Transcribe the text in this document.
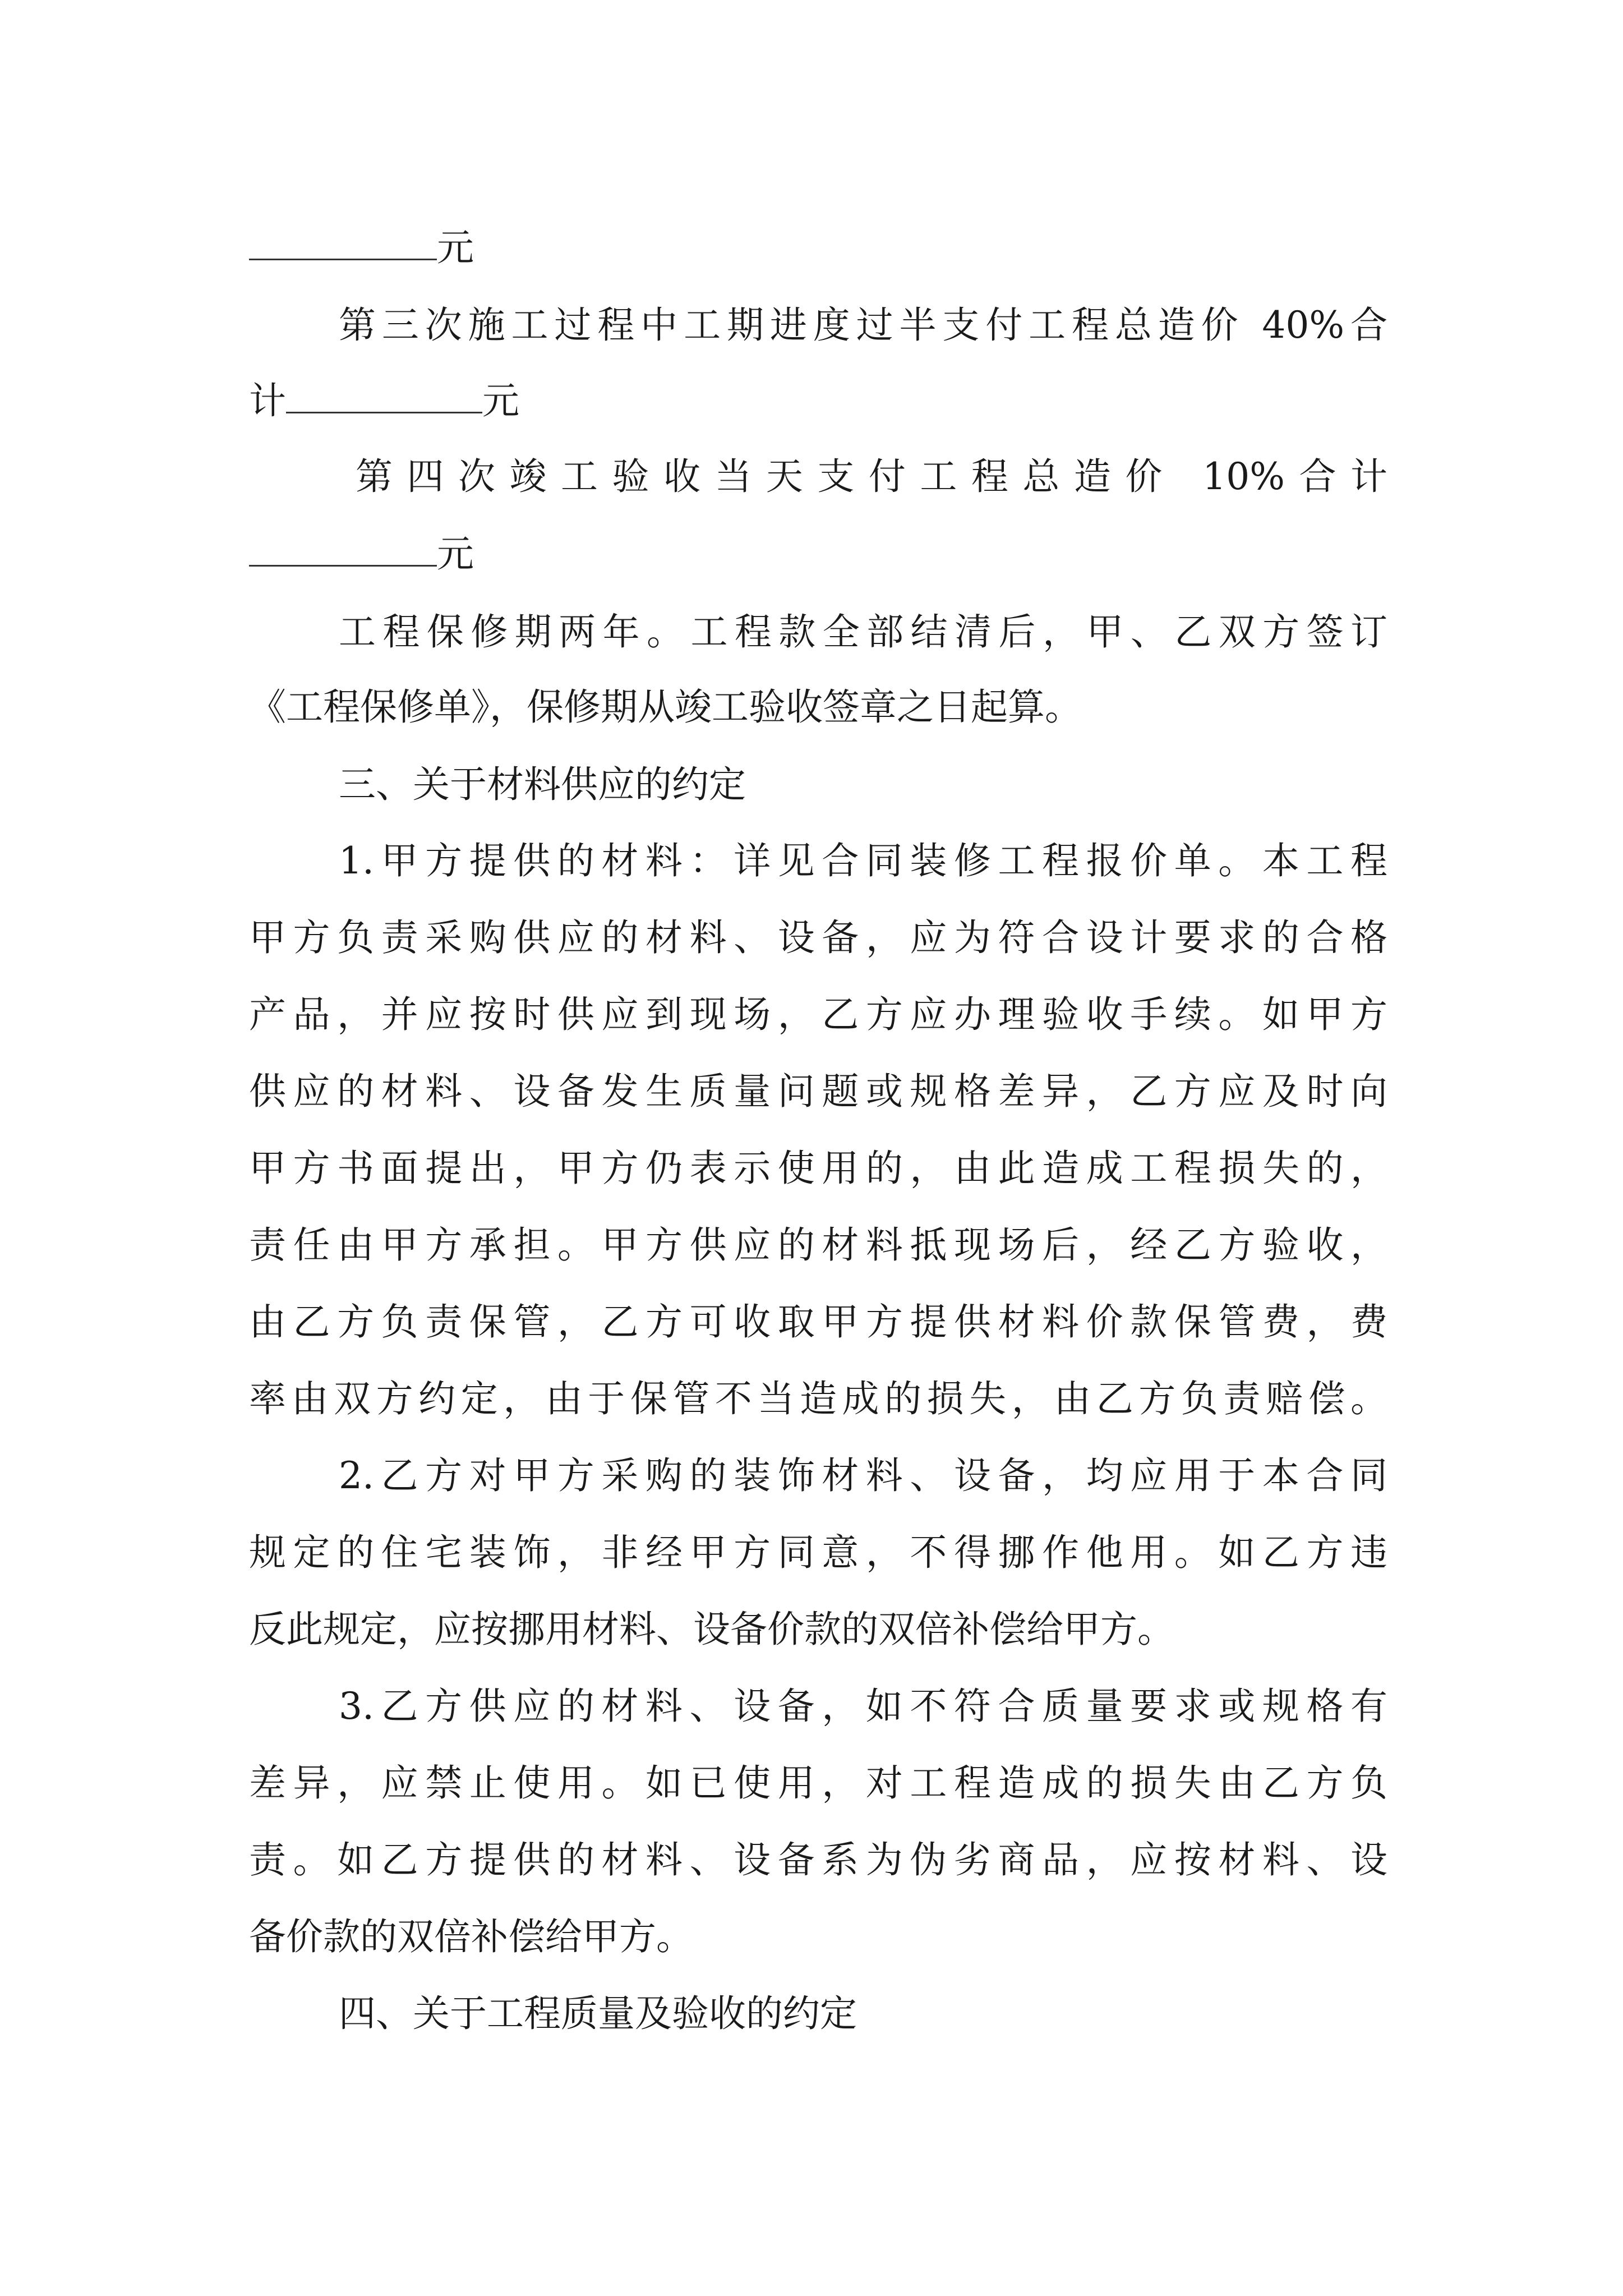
元
第三次施工过程中工期进度过半支付工程总造价 40%合
计	元
第四次竣工验收当天支付工程总造价 10%合计
元
工程保修期两年。工程款全部结清后，甲、乙双方签订
《工程保修单》，保修期从竣工验收签章之日起算。
三、关于材料供应的约定
1.甲方提供的材料：详见合同装修工程报价单。本工程
甲方负责采购供应的材料、设备，应为符合设计要求的合格
产品，并应按时供应到现场，乙方应办理验收手续。如甲方
供应的材料、设备发生质量问题或规格差异，乙方应及时向
甲方书面提出，甲方仍表示使用的，由此造成工程损失的，
责任由甲方承担。甲方供应的材料抵现场后，经乙方验收，
由乙方负责保管，乙方可收取甲方提供材料价款保管费，费
率由双方约定，由于保管不当造成的损失，由乙方负责赔偿。
2.乙方对甲方采购的装饰材料、设备，均应用于本合同
规定的住宅装饰，非经甲方同意，不得挪作他用。如乙方违
反此规定，应按挪用材料、设备价款的双倍补偿给甲方。
3.乙方供应的材料、设备，如不符合质量要求或规格有
差异，应禁止使用。如已使用，对工程造成的损失由乙方负
责。如乙方提供的材料、设备系为伪劣商品，应按材料、设
备价款的双倍补偿给甲方。
四、关于工程质量及验收的约定
